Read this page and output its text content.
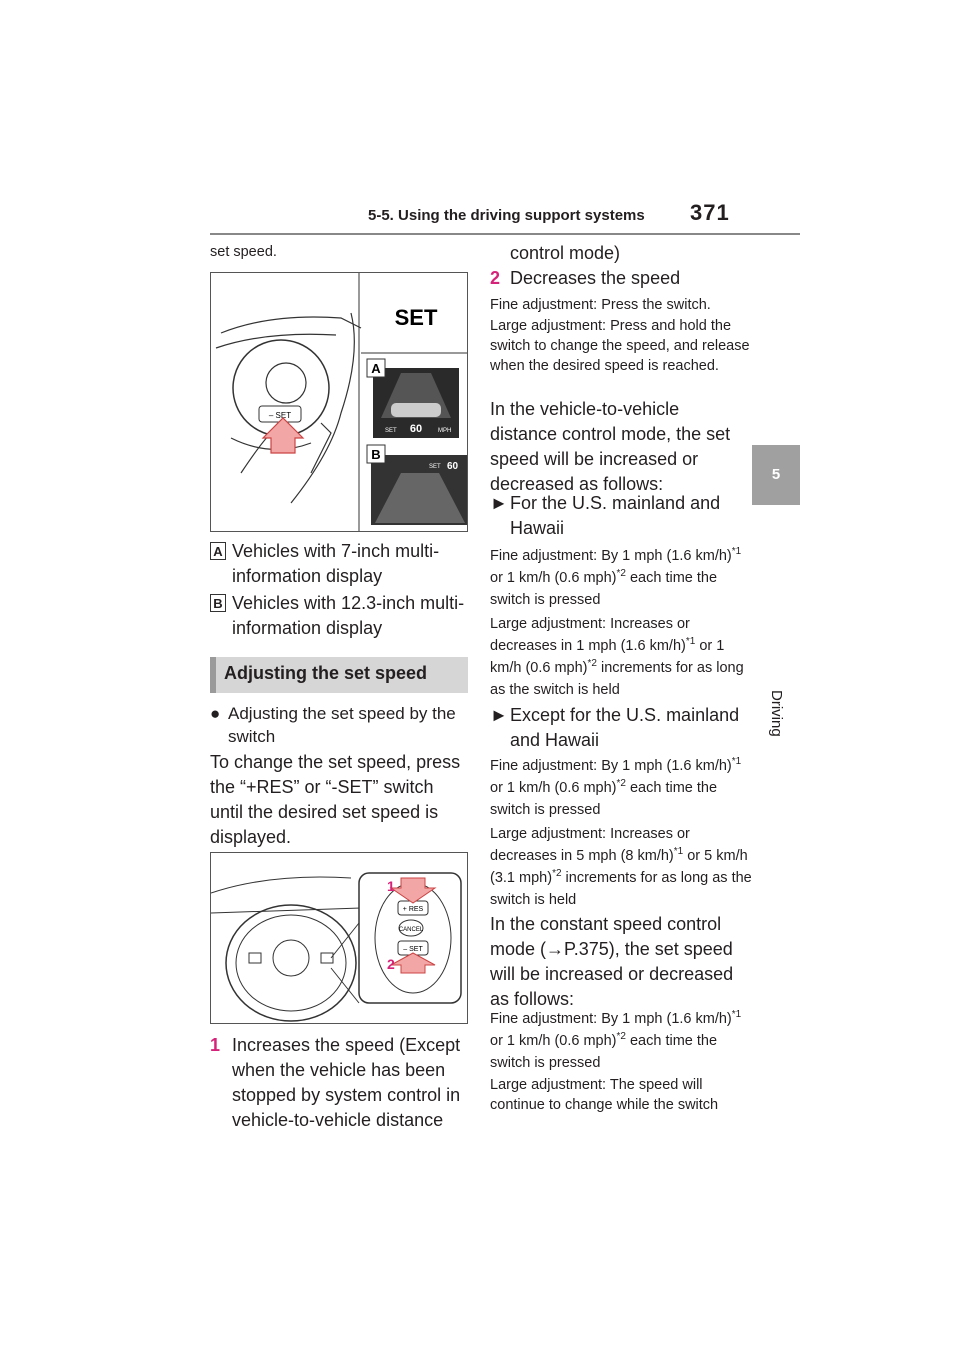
5-5. Using the driving support systems 371
5
Driving
set speed.
– SET
SET
SET 60	MPH
SET 60
A
B
A Vehicles with 7-inch multi-information display
B Vehicles with 12.3-inch multi-information display
Adjusting the set speed
● Adjusting the set speed by the switch
To change the set speed, press the “+RES” or “-SET” switch until the desired set speed is displayed.
+ RES
CANCEL
– SET
1
2
1 Increases the speed (Except when the vehicle has been stopped by system control in vehicle-to-vehicle distance
control mode)
2 Decreases the speed
Fine adjustment: Press the switch.
Large adjustment: Press and hold the switch to change the speed, and release when the desired speed is reached.
In the vehicle-to-vehicle distance control mode, the set speed will be increased or decreased as follows:
► For the U.S. mainland and Hawaii
Fine adjustment: By 1 mph (1.6 km/h)$^{*1}$ or 1 km/h (0.6 mph)$^{*2}$ each time the switch is pressed
Large adjustment: Increases or decreases in 1 mph (1.6 km/h)$^{*1}$ or 1 km/h (0.6 mph)$^{*2}$ increments for as long as the switch is held
► Except for the U.S. mainland and Hawaii
Fine adjustment: By 1 mph (1.6 km/h)$^{*1}$ or 1 km/h (0.6 mph)$^{*2}$ each time the switch is pressed
Large adjustment: Increases or decreases in 5 mph (8 km/h)$^{*1}$ or 5 km/h (3.1 mph)$^{*2}$ increments for as long as the switch is held
In the constant speed control mode (→P.375), the set speed will be increased or decreased as follows:
Fine adjustment: By 1 mph (1.6 km/h)$^{*1}$ or 1 km/h (0.6 mph)$^{*2}$ each time the switch is pressed
Large adjustment: The speed will continue to change while the switch
